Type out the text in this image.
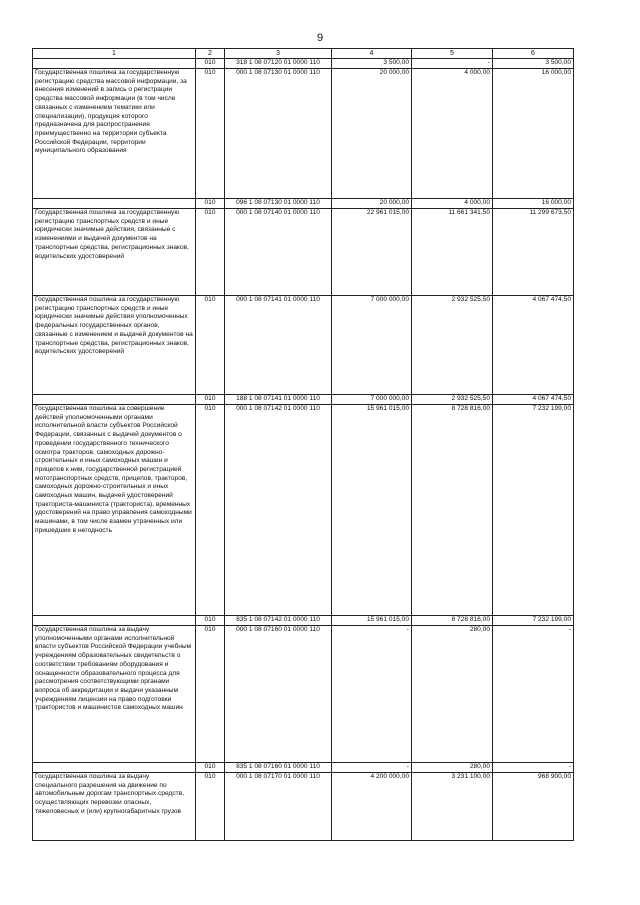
9
1	2	3	4	5	6
	010	318 1 08 07120 01 0000 110	3 500,00	-	3 500,00
Государственная пошлина за государственную регистрацию средства массовой информации, за внесения изменений в запись о регистрации средства массовой информации (в том числе связанных с изменением тематики или специализации), продукция которого предназначена для распространения преимущественно на территории субъекта Российской Федерации, территории муниципального образования	010	000 1 08 07130 01 0000 110	20 000,00	4 000,00	16 000,00
	010	096 1 08 07130 01 0000 110	20 000,00	4 000,00	16 000,00
Государственная пошлина за государственную регистрацию транспортных средств и иные юридически значимые действия, связанные с изменениями и выдачей документов на транспортные средства, регистрационных знаков, водительских удостоверений	010	000 1 08 07140 01 0000 110	22 961 015,00	11 661 341,50	11 299 673,50
Государственная пошлина за государственную регистрацию транспортных средств и иные юридически значимые действия уполномоченных федеральных государственных органов, связанные с изменением и выдачей документов на транспортные средства, регистрационных знаков, водительских удостоверений	010	000 1 08 07141 01 0000 110	7 000 000,00	2 932 525,50	4 067 474,50
	010	188 1 08 07141 01 0000 110	7 000 000,00	2 932 525,50	4 067 474,50
Государственная пошлина за совершение действий уполномоченными органами исполнительной власти субъектов Российской Федерации, связанных с выдачей документов о проведении государственного технического осмотра тракторов, самоходных дорожно-строительных и иных самоходных машин и прицепов к ним, государственной регистрацией мототранспортных средств, прицепов, тракторов, самоходных дорожно-строительных и иных самоходных машин, выдачей удостоверений тракториста-машиниста (тракториста), временных удостоверений на право управления самоходными машинами, в том числе взамен утраченных или пришедших в негодность	010	000 1 08 07142 01 0000 110	15 961 015,00	8 728 816,00	7 232 199,00
	010	835 1 08 07142 01 0000 110	15 961 015,00	8 728 816,00	7 232 199,00
Государственная пошлина за выдачу уполномоченными органами исполнительной власти субъектов Российской Федерации учебным учреждениям образовательных свидетельств о соответствии требованиям оборудования и оснащенности образовательного процесса для рассмотрения соответствующими органами вопроса об аккредитации и выдачи указанным учреждениям лицензии на право подготовки трактористов и машинистов самоходных машин	010	000 1 08 07160 01 0000 110	-	280,00	-
	010	835 1 08 07160 01 0000 110	-	280,00	-
Государственная пошлина за выдачу специального разрешения на движение по автомобильным дорогам транспортных средств, осуществляющих перевозки опасных, тяжеловесных и (или) крупногабаритных грузов	010	000 1 08 07170 01 0000 110	4 200 000,00	3 231 100,00	968 900,00
